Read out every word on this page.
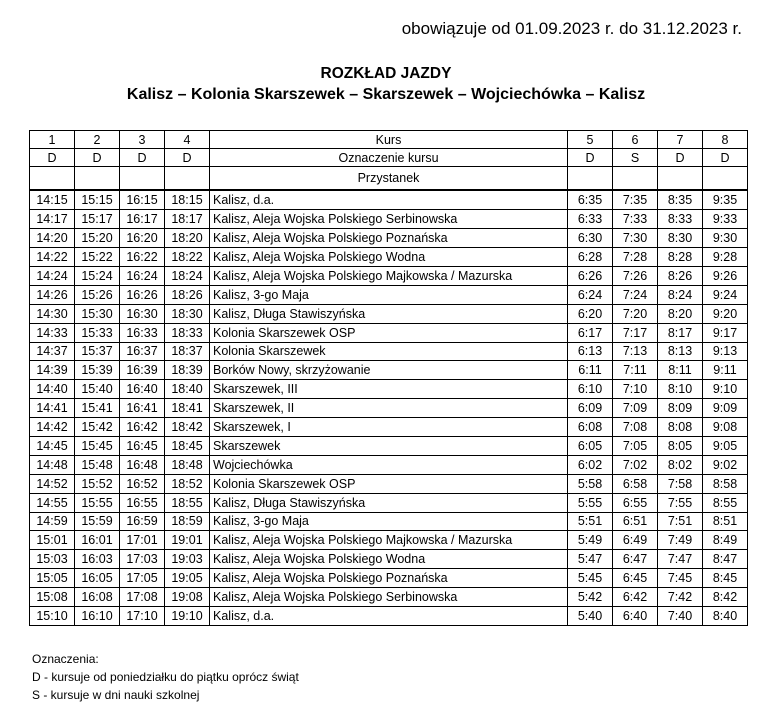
obowiązuje od 01.09.2023 r. do 31.12.2023 r.
ROZKŁAD JAZDY
Kalisz – Kolonia Skarszewek – Skarszewek – Wojciechówka – Kalisz
1	2	3	4	Kurs	5	6	7	8
D	D	D	D	Oznaczenie kursu	D	S	D	D
				Przystanek				
14:15	15:15	16:15	18:15	Kalisz, d.a.	6:35	7:35	8:35	9:35
14:17	15:17	16:17	18:17	Kalisz, Aleja Wojska Polskiego Serbinowska	6:33	7:33	8:33	9:33
14:20	15:20	16:20	18:20	Kalisz, Aleja Wojska Polskiego Poznańska	6:30	7:30	8:30	9:30
14:22	15:22	16:22	18:22	Kalisz, Aleja Wojska Polskiego Wodna	6:28	7:28	8:28	9:28
14:24	15:24	16:24	18:24	Kalisz, Aleja Wojska Polskiego Majkowska / Mazurska	6:26	7:26	8:26	9:26
14:26	15:26	16:26	18:26	Kalisz, 3-go Maja	6:24	7:24	8:24	9:24
14:30	15:30	16:30	18:30	Kalisz, Długa Stawiszyńska	6:20	7:20	8:20	9:20
14:33	15:33	16:33	18:33	Kolonia Skarszewek OSP	6:17	7:17	8:17	9:17
14:37	15:37	16:37	18:37	Kolonia Skarszewek	6:13	7:13	8:13	9:13
14:39	15:39	16:39	18:39	Borków Nowy, skrzyżowanie	6:11	7:11	8:11	9:11
14:40	15:40	16:40	18:40	Skarszewek, III	6:10	7:10	8:10	9:10
14:41	15:41	16:41	18:41	Skarszewek, II	6:09	7:09	8:09	9:09
14:42	15:42	16:42	18:42	Skarszewek, I	6:08	7:08	8:08	9:08
14:45	15:45	16:45	18:45	Skarszewek	6:05	7:05	8:05	9:05
14:48	15:48	16:48	18:48	Wojciechówka	6:02	7:02	8:02	9:02
14:52	15:52	16:52	18:52	Kolonia Skarszewek OSP	5:58	6:58	7:58	8:58
14:55	15:55	16:55	18:55	Kalisz, Długa Stawiszyńska	5:55	6:55	7:55	8:55
14:59	15:59	16:59	18:59	Kalisz, 3-go Maja	5:51	6:51	7:51	8:51
15:01	16:01	17:01	19:01	Kalisz, Aleja Wojska Polskiego Majkowska / Mazurska	5:49	6:49	7:49	8:49
15:03	16:03	17:03	19:03	Kalisz, Aleja Wojska Polskiego Wodna	5:47	6:47	7:47	8:47
15:05	16:05	17:05	19:05	Kalisz, Aleja Wojska Polskiego Poznańska	5:45	6:45	7:45	8:45
15:08	16:08	17:08	19:08	Kalisz, Aleja Wojska Polskiego Serbinowska	5:42	6:42	7:42	8:42
15:10	16:10	17:10	19:10	Kalisz, d.a.	5:40	6:40	7:40	8:40
Oznaczenia:
D - kursuje od poniedziałku do piątku oprócz świąt
S - kursuje w dni nauki szkolnej
